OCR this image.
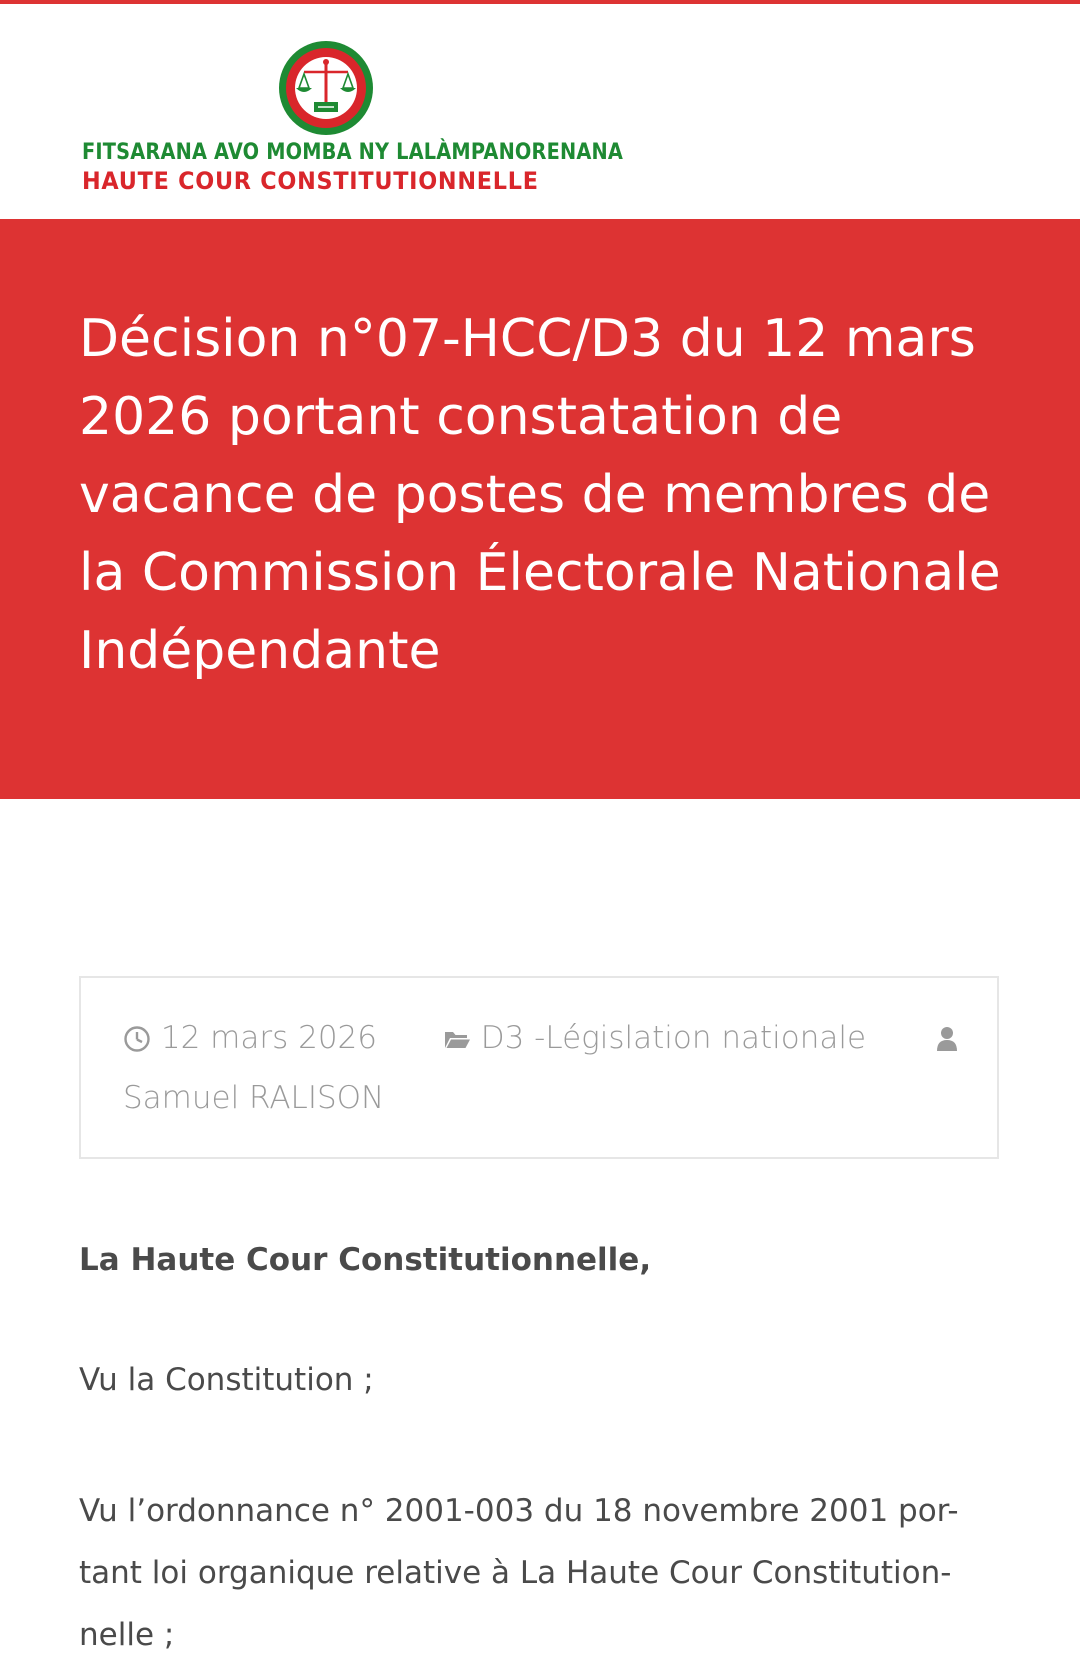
FITSARANA AVO MOMBA NY LALÀMPANORENANA
HAUTE COUR CONSTITUTIONNELLE
Décision n°07-HCC/D3 du 12 mars 2026 portant constatation de vacance de postes de membres de la Commission Électorale Nationale Indépendante
12 mars 2026	D3 -Législation nationale
Samuel RALISON

La Haute Cour Constitutionnelle,

Vu la Constitution ;

Vu l’ordonnance n° 2001-003 du 18 novembre 2001 por-
tant loi organique relative à La Haute Cour Constitution-
nelle ;
